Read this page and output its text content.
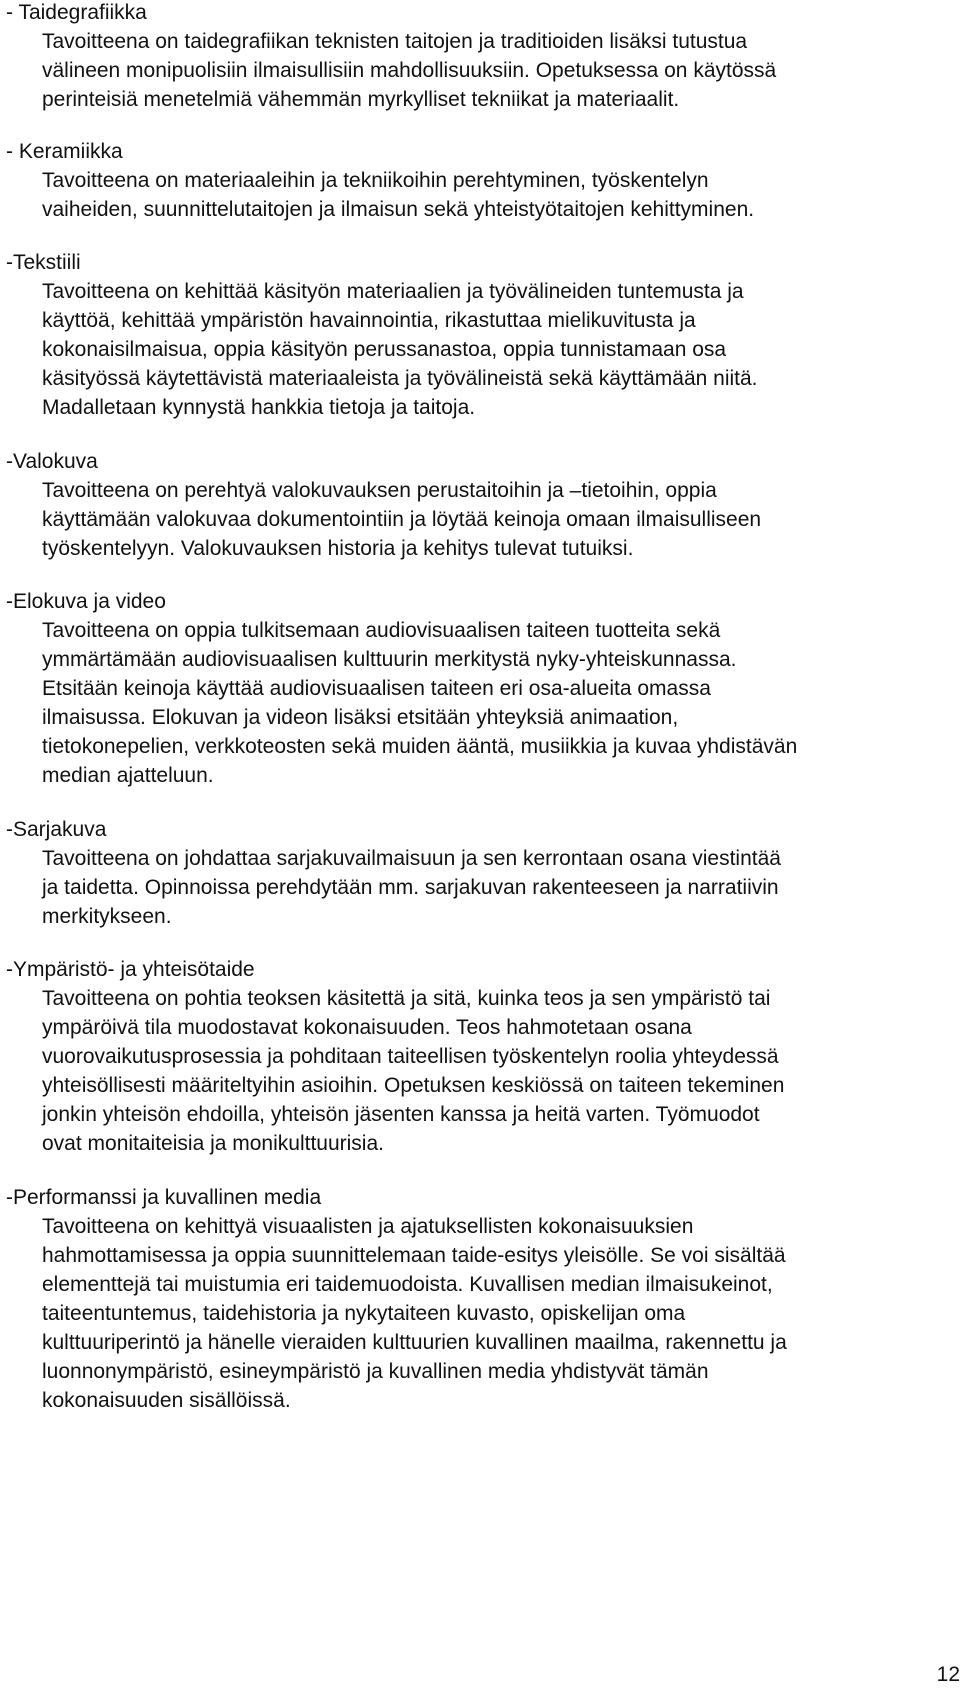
- Taidegrafiikka
Tavoitteena on taidegrafiikan teknisten taitojen ja traditioiden lisäksi tutustua
välineen monipuolisiin ilmaisullisiin mahdollisuuksiin. Opetuksessa on käytössä
perinteisiä menetelmiä vähemmän myrkylliset tekniikat ja materiaalit.
- Keramiikka
Tavoitteena on materiaaleihin ja tekniikoihin perehtyminen, työskentelyn
vaiheiden, suunnittelutaitojen ja ilmaisun sekä yhteistyötaitojen kehittyminen.
-Tekstiili
Tavoitteena on kehittää käsityön materiaalien ja työvälineiden tuntemusta ja
käyttöä, kehittää ympäristön havainnointia, rikastuttaa mielikuvitusta ja
kokonaisilmaisua, oppia käsityön perussanastoa, oppia tunnistamaan osa
käsityössä käytettävistä materiaaleista ja työvälineistä sekä käyttämään niitä.
Madalletaan kynnystä hankkia tietoja ja taitoja.
-Valokuva
Tavoitteena on perehtyä valokuvauksen perustaitoihin ja –tietoihin, oppia
käyttämään valokuvaa dokumentointiin ja löytää keinoja omaan ilmaisulliseen
työskentelyyn. Valokuvauksen historia ja kehitys tulevat tutuiksi.
-Elokuva ja video
Tavoitteena on oppia tulkitsemaan audiovisuaalisen taiteen tuotteita sekä
ymmärtämään audiovisuaalisen kulttuurin merkitystä nyky-yhteiskunnassa.
Etsitään keinoja käyttää audiovisuaalisen taiteen eri osa-alueita omassa
ilmaisussa. Elokuvan ja videon lisäksi etsitään yhteyksiä animaation,
tietokonepelien, verkkoteosten sekä muiden ääntä, musiikkia ja kuvaa yhdistävän
median ajatteluun.
-Sarjakuva
Tavoitteena on johdattaa sarjakuvailmaisuun ja sen kerrontaan osana viestintää
ja taidetta. Opinnoissa perehdytään mm. sarjakuvan rakenteeseen ja narratiivin
merkitykseen.
-Ympäristö- ja yhteisötaide
Tavoitteena on pohtia teoksen käsitettä ja sitä, kuinka teos ja sen ympäristö tai
ympäröivä tila muodostavat kokonaisuuden. Teos hahmotetaan osana
vuorovaikutusprosessia ja pohditaan taiteellisen työskentelyn roolia yhteydessä
yhteisöllisesti määriteltyihin asioihin. Opetuksen keskiössä on taiteen tekeminen
jonkin yhteisön ehdoilla, yhteisön jäsenten kanssa ja heitä varten. Työmuodot
ovat monitaiteisia ja monikulttuurisia.
-Performanssi ja kuvallinen media
Tavoitteena on kehittyä visuaalisten ja ajatuksellisten kokonaisuuksien
hahmottamisessa ja oppia suunnittelemaan taide-esitys yleisölle. Se voi sisältää
elementtejä tai muistumia eri taidemuodoista. Kuvallisen median ilmaisukeinot,
taiteentuntemus, taidehistoria ja nykytaiteen kuvasto, opiskelijan oma
kulttuuriperintö ja hänelle vieraiden kulttuurien kuvallinen maailma, rakennettu ja
luonnonympäristö, esineympäristö ja kuvallinen media yhdistyvät tämän
kokonaisuuden sisällöissä.
12
